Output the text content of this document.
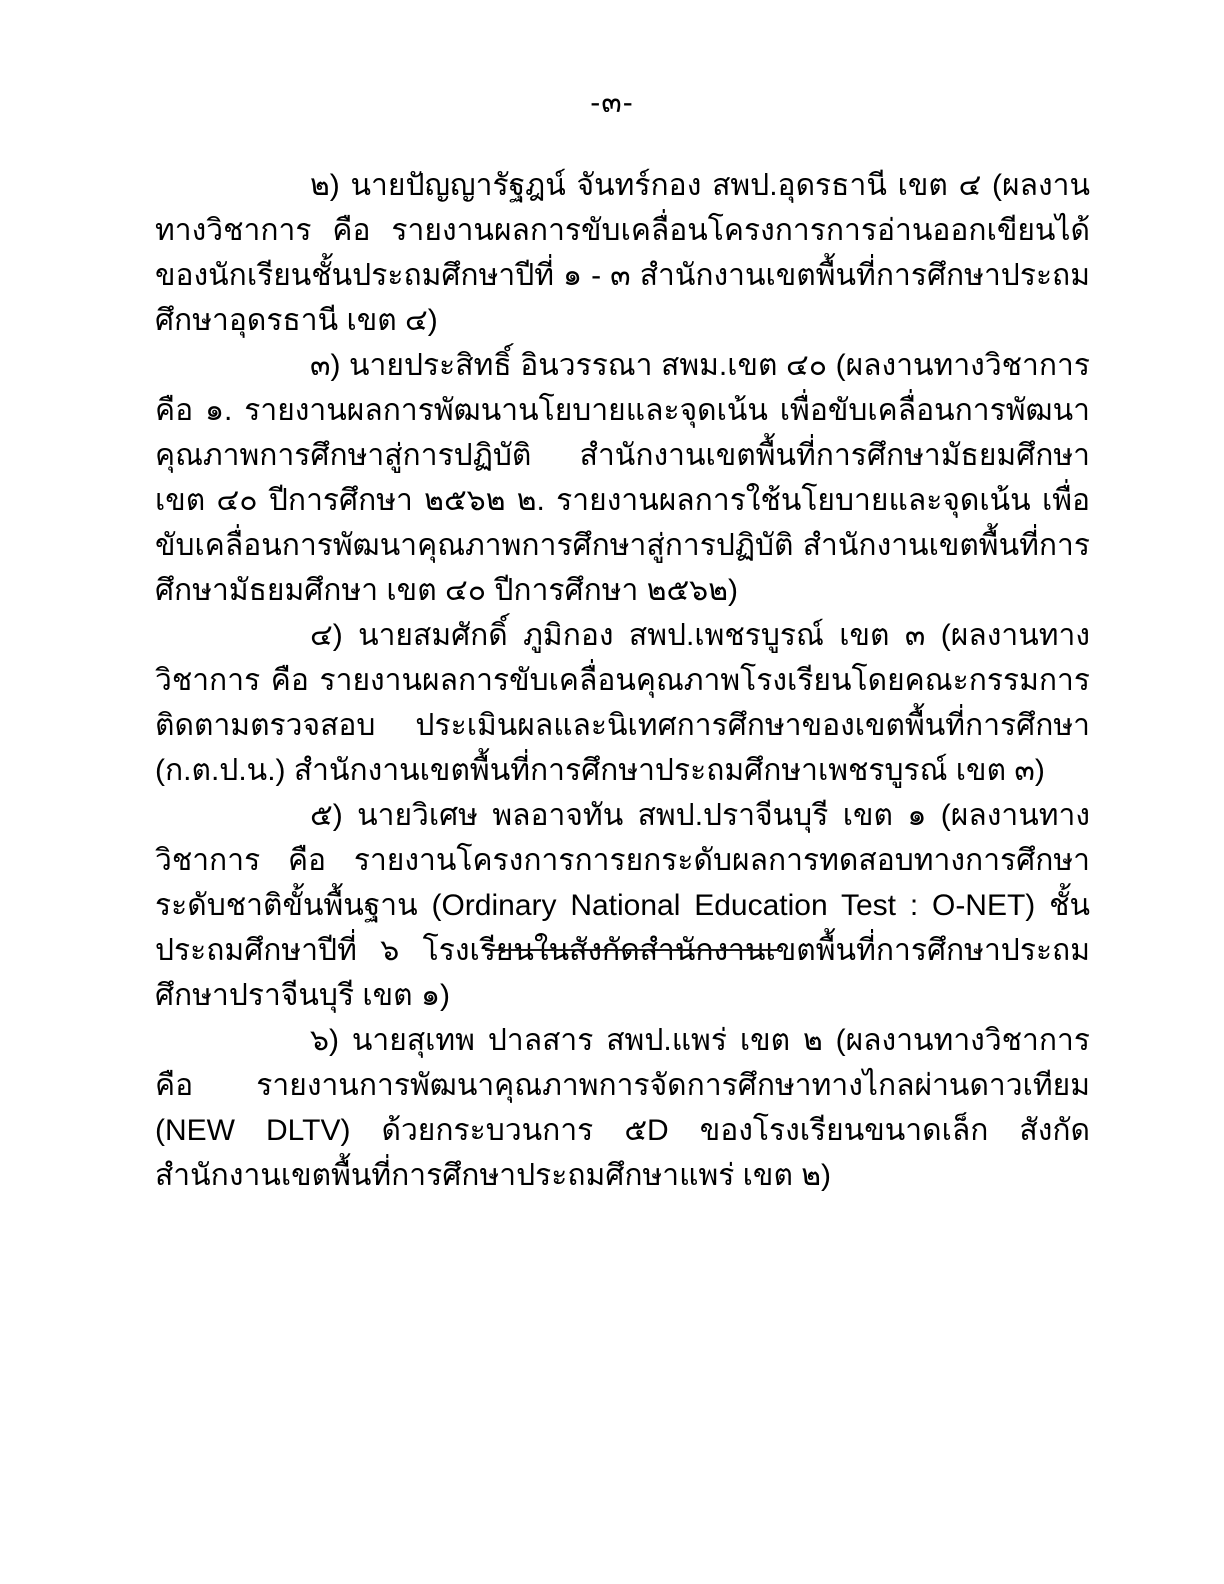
-๓-

๒) นายปัญญารัฐฎน์ จันทร์กอง สพป.อุดรธานี เขต ๔ (ผลงานทางวิชาการ คือ รายงานผลการขับเคลื่อนโครงการการอ่านออกเขียนได้ของนักเรียนชั้นประถมศึกษาปีที่ ๑ - ๓ สำนักงานเขตพื้นที่การศึกษาประถมศึกษาอุดรธานี เขต ๔)

๓) นายประสิทธิ์ อินวรรณา สพม.เขต ๔๐ (ผลงานทางวิชาการ คือ ๑. รายงานผลการพัฒนานโยบายและจุดเน้น เพื่อขับเคลื่อนการพัฒนาคุณภาพการศึกษาสู่การปฏิบัติ สำนักงานเขตพื้นที่การศึกษามัธยมศึกษา เขต ๔๐ ปีการศึกษา ๒๕๖๒ ๒. รายงานผลการใช้นโยบายและจุดเน้น เพื่อขับเคลื่อนการพัฒนาคุณภาพการศึกษาสู่การปฏิบัติ สำนักงานเขตพื้นที่การศึกษามัธยมศึกษา เขต ๔๐ ปีการศึกษา ๒๕๖๒)

๔) นายสมศักดิ์ ภูมิกอง สพป.เพชรบูรณ์ เขต ๓ (ผลงานทางวิชาการ คือ รายงานผลการขับเคลื่อนคุณภาพโรงเรียนโดยคณะกรรมการติดตามตรวจสอบ ประเมินผลและนิเทศการศึกษาของเขตพื้นที่การศึกษา (ก.ต.ป.น.) สำนักงานเขตพื้นที่การศึกษาประถมศึกษาเพชรบูรณ์ เขต ๓)

๕) นายวิเศษ พลอาจทัน สพป.ปราจีนบุรี เขต ๑ (ผลงานทางวิชาการ คือ รายงานโครงการการยกระดับผลการทดสอบทางการศึกษาระดับชาติขั้นพื้นฐาน (Ordinary National Education Test : O-NET) ชั้นประถมศึกษาปีที่ ๖ โรงเรียนในสังกัดสำนักงานเขตพื้นที่การศึกษาประถมศึกษาปราจีนบุรี เขต ๑)

๖) นายสุเทพ ปาลสาร สพป.แพร่ เขต ๒ (ผลงานทางวิชาการ คือ รายงานการพัฒนาคุณภาพการจัดการศึกษาทางไกลผ่านดาวเทียม (NEW DLTV) ด้วยกระบวนการ ๕D ของโรงเรียนขนาดเล็ก สังกัดสำนักงานเขตพื้นที่การศึกษาประถมศึกษาแพร่ เขต ๒)
